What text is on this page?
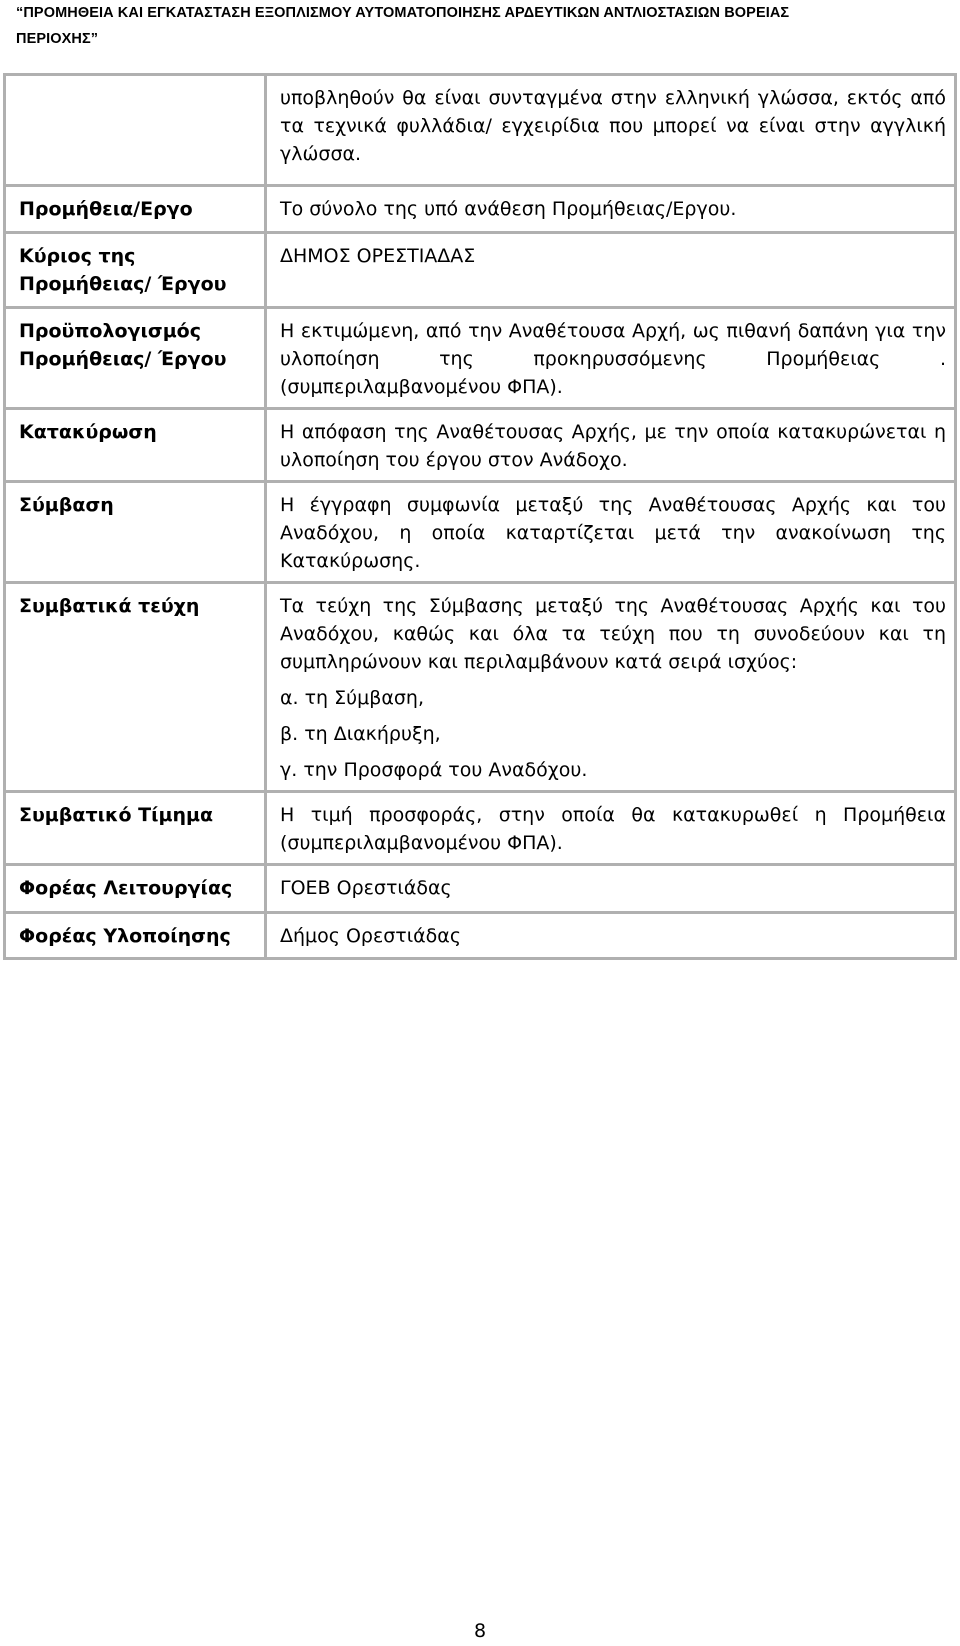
“ΠΡΟΜΗΘΕΙΑ ΚΑΙ ΕΓΚΑΤΑΣΤΑΣΗ ΕΞΟΠΛΙΣΜΟΥ ΑΥΤΟΜΑΤΟΠΟΙΗΣΗΣ ΑΡΔΕΥΤΙΚΩΝ ΑΝΤΛΙΟΣΤΑΣΙΩΝ ΒΟΡΕΙΑΣ
ΠΕΡΙΟΧΗΣ”
	υποβληθούν θα είναι συνταγμένα στην ελληνική γλώσσα, εκτός από τα τεχνικά φυλλάδια/ εγχειρίδια που μπορεί να είναι στην αγγλική γλώσσα.
Προμήθεια/Εργο	Το σύνολο της υπό ανάθεση Προμήθειας/Εργου.
Κύριος της Προμήθειας/ Έργου	ΔΗΜΟΣ ΟΡΕΣΤΙΑΔΑΣ
Προϋπολογισμός Προμήθειας/ Έργου	Η εκτιμώμενη, από την Αναθέτουσα Αρχή, ως πιθανή δαπάνη για την υλοποίηση της προκηρυσσόμενης Προμήθειας . (συμπεριλαμβανομένου ΦΠΑ).
Κατακύρωση	Η απόφαση της Αναθέτουσας Αρχής, με την οποία κατακυρώνεται η υλοποίηση του έργου στον Ανάδοχο.
Σύμβαση	Η έγγραφη συμφωνία μεταξύ της Αναθέτουσας Αρχής και του Αναδόχου, η οποία καταρτίζεται μετά την ανακοίνωση της Κατακύρωσης.
Συμβατικά τεύχη	Τα τεύχη της Σύμβασης μεταξύ της Αναθέτουσας Αρχής και του Αναδόχου, καθώς και όλα τα τεύχη που τη συνοδεύουν και τη συμπληρώνουν και περιλαμβάνουν κατά σειρά ισχύος:
α. τη Σύμβαση,
β. τη Διακήρυξη,
γ. την Προσφορά του Αναδόχου.

Συμβατικό Τίμημα	Η τιμή προσφοράς, στην οποία θα κατακυρωθεί η Προμήθεια (συμπεριλαμβανομένου ΦΠΑ).
Φορέας Λειτουργίας	ΓΟΕΒ Ορεστιάδας
Φορέας Υλοποίησης	Δήμος Ορεστιάδας
8
